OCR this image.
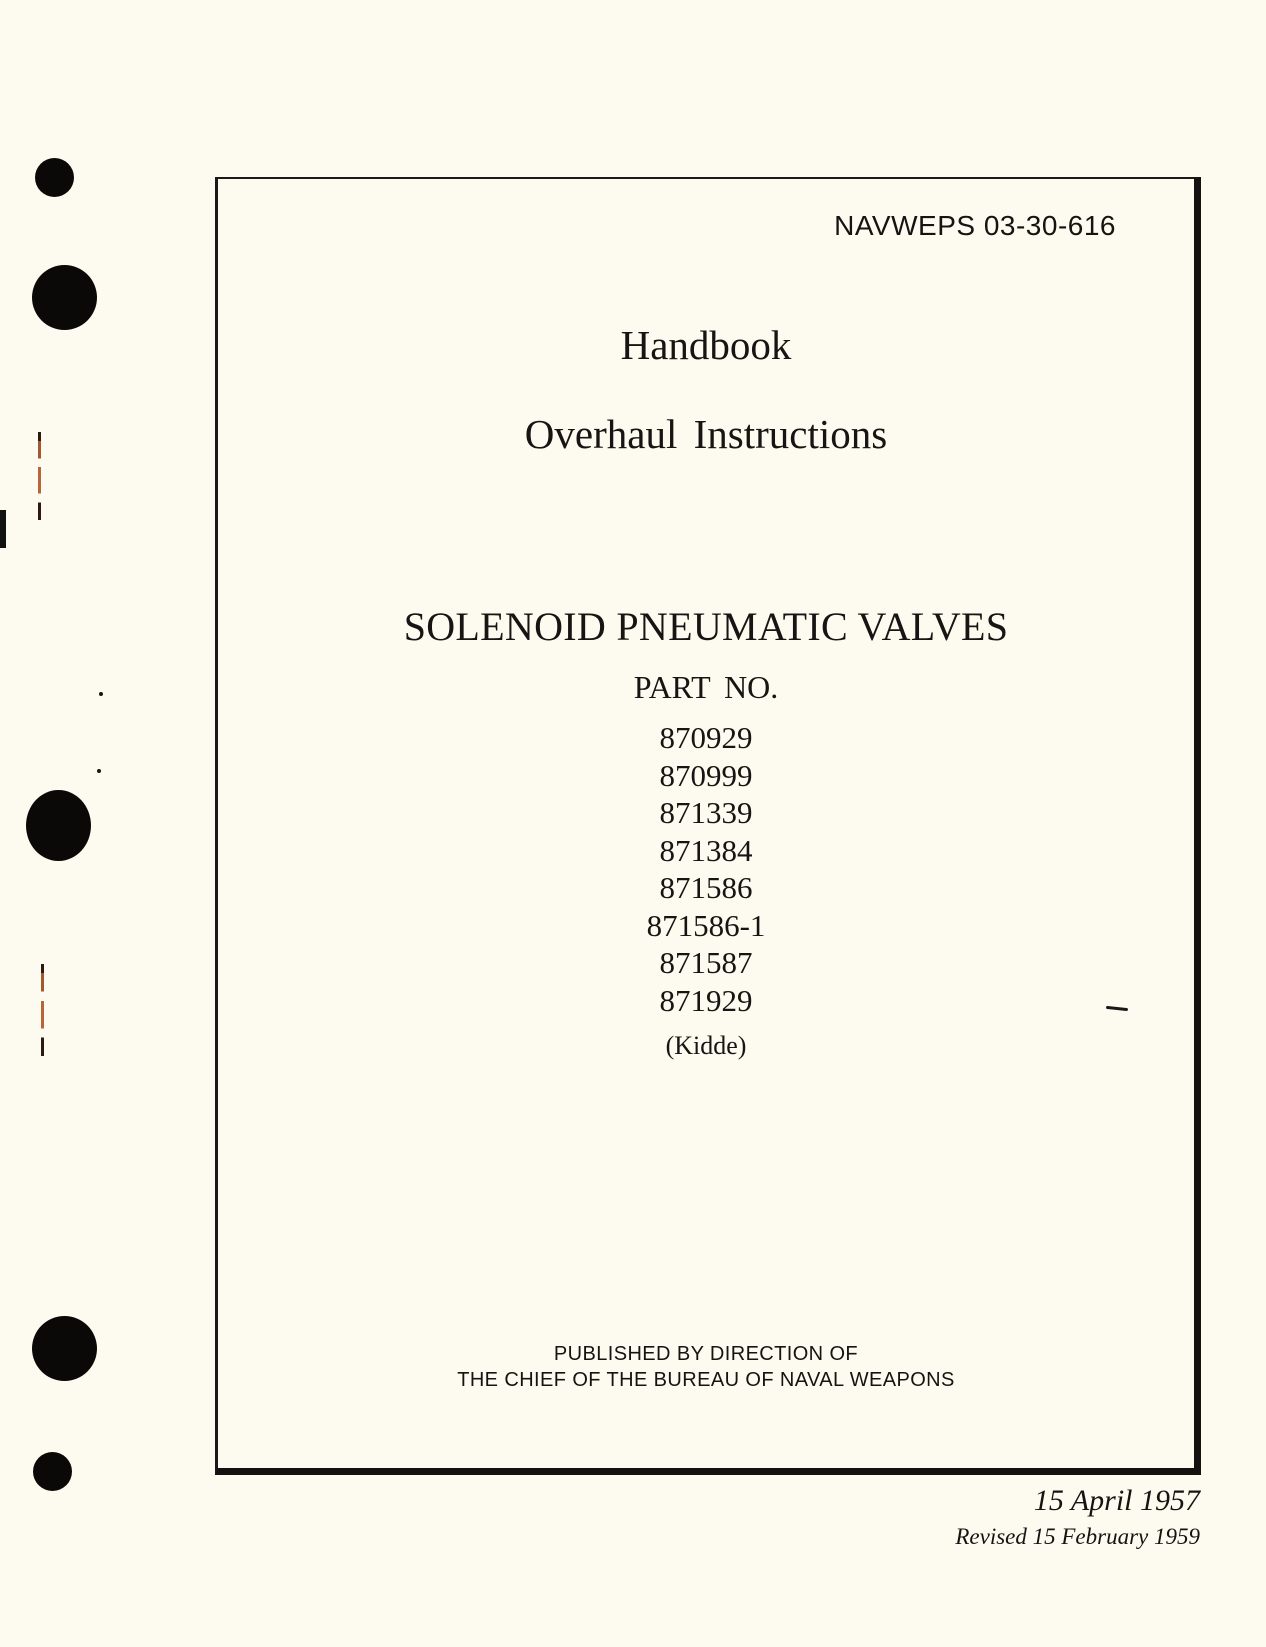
NAVWEPS 03-30-616
Handbook
Overhaul Instructions
SOLENOID PNEUMATIC VALVES
PART NO.
870929
870999
871339
871384
871586
871586-1
871587
871929
(Kidde)
PUBLISHED BY DIRECTION OF
THE CHIEF OF THE BUREAU OF NAVAL WEAPONS
15 April 1957
Revised 15 February 1959
